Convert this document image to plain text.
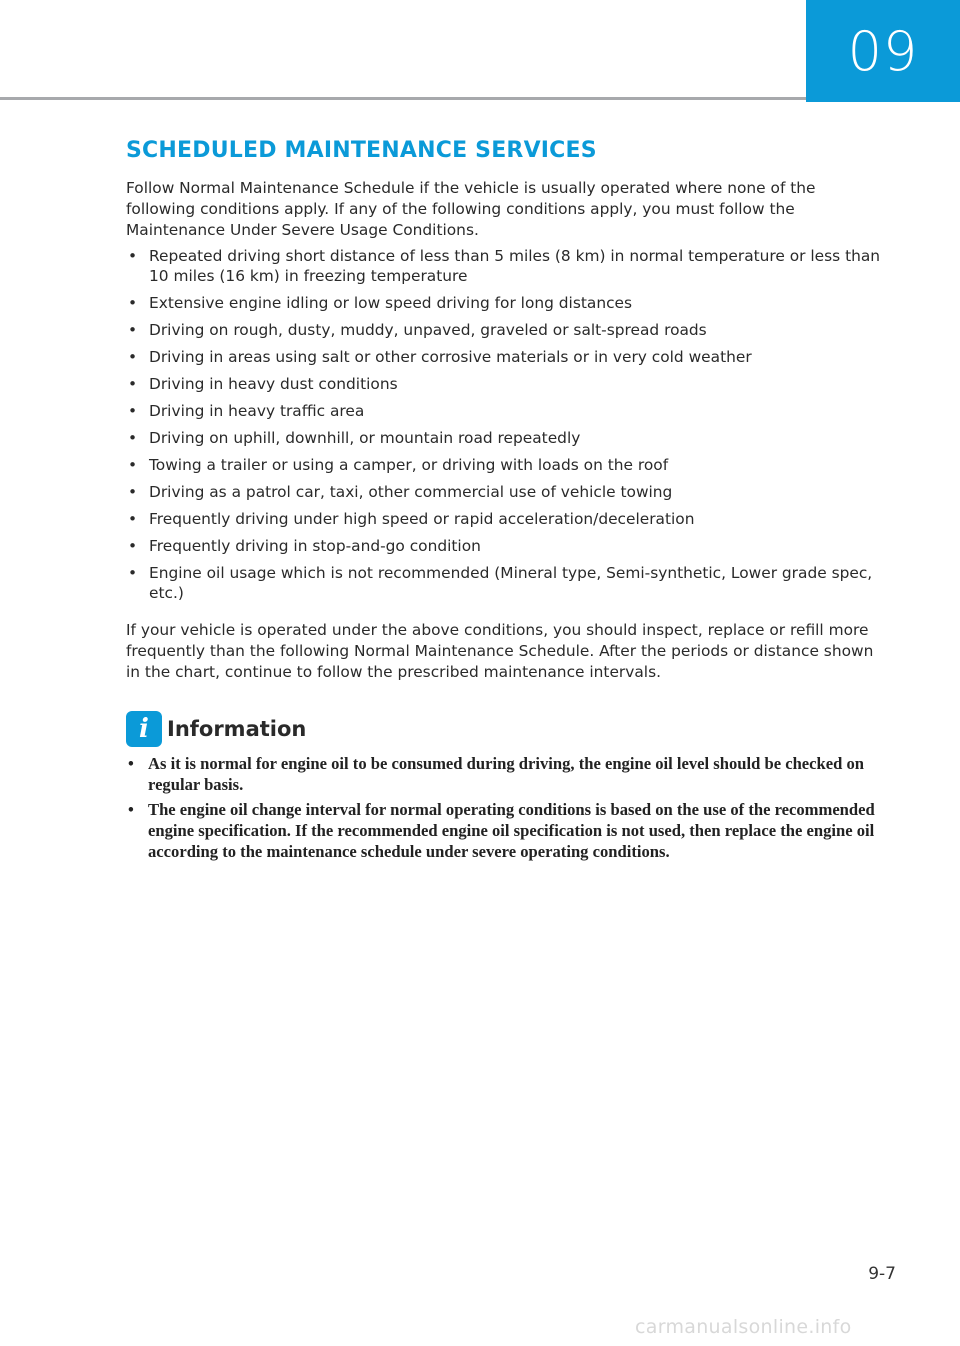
09
SCHEDULED MAINTENANCE SERVICES

Follow Normal Maintenance Schedule if the vehicle is usually operated where none of the following conditions apply. If any of the following conditions apply, you must follow the Maintenance Under Severe Usage Conditions.

• Repeated driving short distance of less than 5 miles (8 km) in normal temperature or less than 10 miles (16 km) in freezing temperature
• Extensive engine idling or low speed driving for long distances
• Driving on rough, dusty, muddy, unpaved, graveled or salt-spread roads
• Driving in areas using salt or other corrosive materials or in very cold weather
• Driving in heavy dust conditions
• Driving in heavy traffic area
• Driving on uphill, downhill, or mountain road repeatedly
• Towing a trailer or using a camper, or driving with loads on the roof
• Driving as a patrol car, taxi, other commercial use of vehicle towing
• Frequently driving under high speed or rapid acceleration/deceleration
• Frequently driving in stop-and-go condition
• Engine oil usage which is not recommended (Mineral type, Semi-synthetic, Lower grade spec, etc.)

If your vehicle is operated under the above conditions, you should inspect, replace or refill more frequently than the following Normal Maintenance Schedule. After the periods or distance shown in the chart, continue to follow the prescribed maintenance intervals.

i Information
• As it is normal for engine oil to be consumed during driving, the engine oil level should be checked on regular basis.
• The engine oil change interval for normal operating conditions is based on the use of the recommended engine specification. If the recommended engine oil specification is not used, then replace the engine oil according to the maintenance schedule under severe operating conditions.
9-7
carmanualsonline.info
